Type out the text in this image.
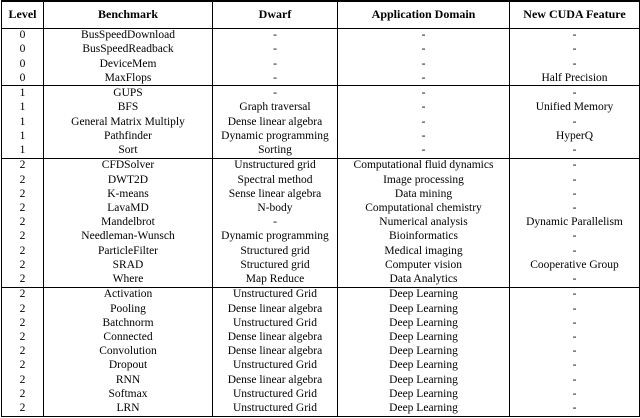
Level	Benchmark	Dwarf	Application Domain	New CUDA Feature
0	BusSpeedDownload	-	-	-
0	BusSpeedReadback	-	-	-
0	DeviceMem	-	-	-
0	MaxFlops	-	-	Half Precision
1	GUPS	-	-	-
1	BFS	Graph traversal	-	Unified Memory
1	General Matrix Multiply	Dense linear algebra	-	-
1	Pathfinder	Dynamic programming	-	HyperQ
1	Sort	Sorting	-	-
2	CFDSolver	Unstructured grid	Computational fluid dynamics	-
2	DWT2D	Spectral method	Image processing	-
2	K-means	Sense linear algebra	Data mining	-
2	LavaMD	N-body	Computational chemistry	-
2	Mandelbrot	-	Numerical analysis	Dynamic Parallelism
2	Needleman-Wunsch	Dynamic programming	Bioinformatics	-
2	ParticleFilter	Structured grid	Medical imaging	-
2	SRAD	Structured grid	Computer vision	Cooperative Group
2	Where	Map Reduce	Data Analytics	-
2	Activation	Unstructured Grid	Deep Learning	-
2	Pooling	Dense linear algebra	Deep Learning	-
2	Batchnorm	Unstructured Grid	Deep Learning	-
2	Connected	Dense linear algebra	Deep Learning	-
2	Convolution	Dense linear algebra	Deep Learning	-
2	Dropout	Unstructured Grid	Deep Learning	-
2	RNN	Dense linear algebra	Deep Learning	-
2	Softmax	Unstructured Grid	Deep Learning	-
2	LRN	Unstructured Grid	Deep Learning	-
